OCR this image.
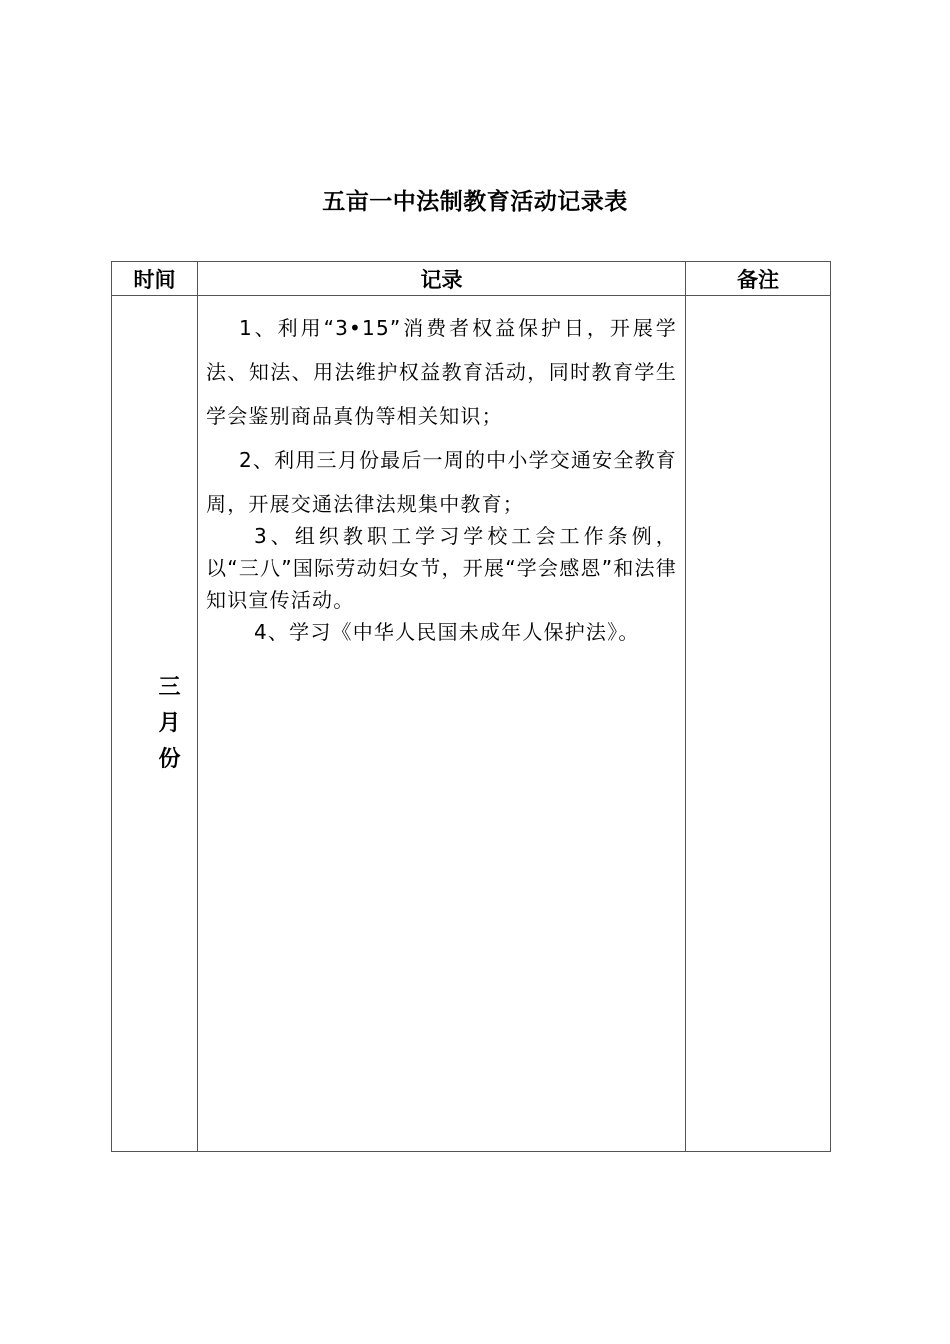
五亩一中法制教育活动记录表
时间	记录	备注
三月份	1、利用“3•15”消费者权益保护日，开展学法、知法、用法维护权益教育活动，同时教育学生学会鉴别商品真伪等相关知识；

2、利用三月份最后一周的中小学交通安全教育周，开展交通法律法规集中教育；

3、组织教职工学习学校工会工作条例，以“三八”国际劳动妇女节，开展“学会感恩”和法律知识宣传活动。

4、学习《中华人民国未成年人保护法》。	
